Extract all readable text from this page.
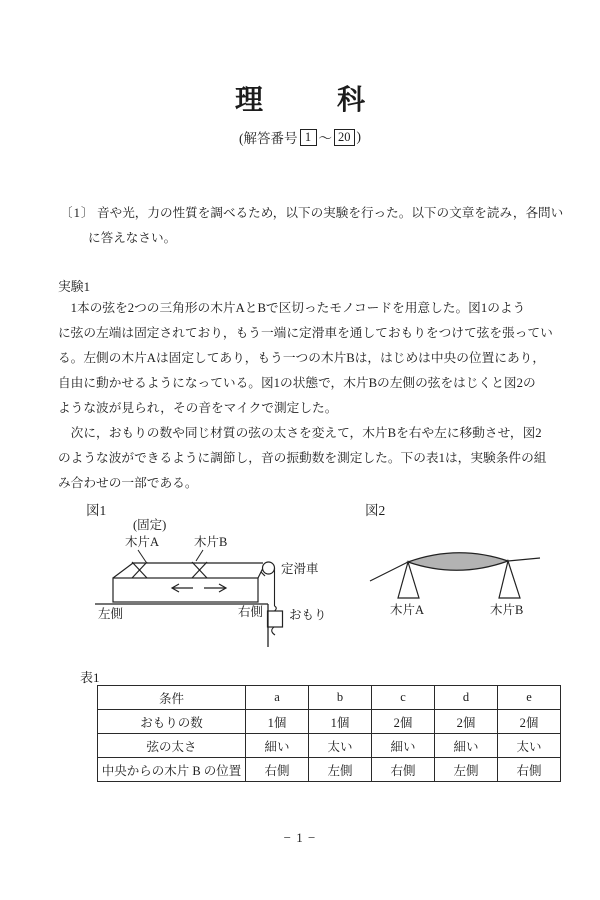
理	科
(解答番号 1 ～ 20 )
〔1〕 音や光，力の性質を調べるため，以下の実験を行った。以下の文章を読み，各問い
に答えなさい。
実験1
　1本の弦を2つの三角形の木片AとBで区切ったモノコードを用意した。図1のよう
に弦の左端は固定されており，もう一端に定滑車を通しておもりをつけて弦を張ってい
る。左側の木片Aは固定してあり，もう一つの木片Bは，はじめは中央の位置にあり，
自由に動かせるようになっている。図1の状態で，木片Bの左側の弦をはじくと図2の
ような波が見られ，その音をマイクで測定した。
　次に，おもりの数や同じ材質の弦の太さを変えて，木片Bを右や左に移動させ，図2
のような波ができるように調節し，音の振動数を測定した。下の表1は，実験条件の組
み合わせの一部である。
図1
(固定)
木片A	木片B
左側	右側
定滑車
おもり
図2
木片A	木片B
表1
条件	a	b	c	d	e
おもりの数	1個	1個	2個	2個	2個
弦の太さ	細い	太い	細い	細い	太い
中央からの木片 B の位置	右側	左側	右側	左側	右側
− 1 −
